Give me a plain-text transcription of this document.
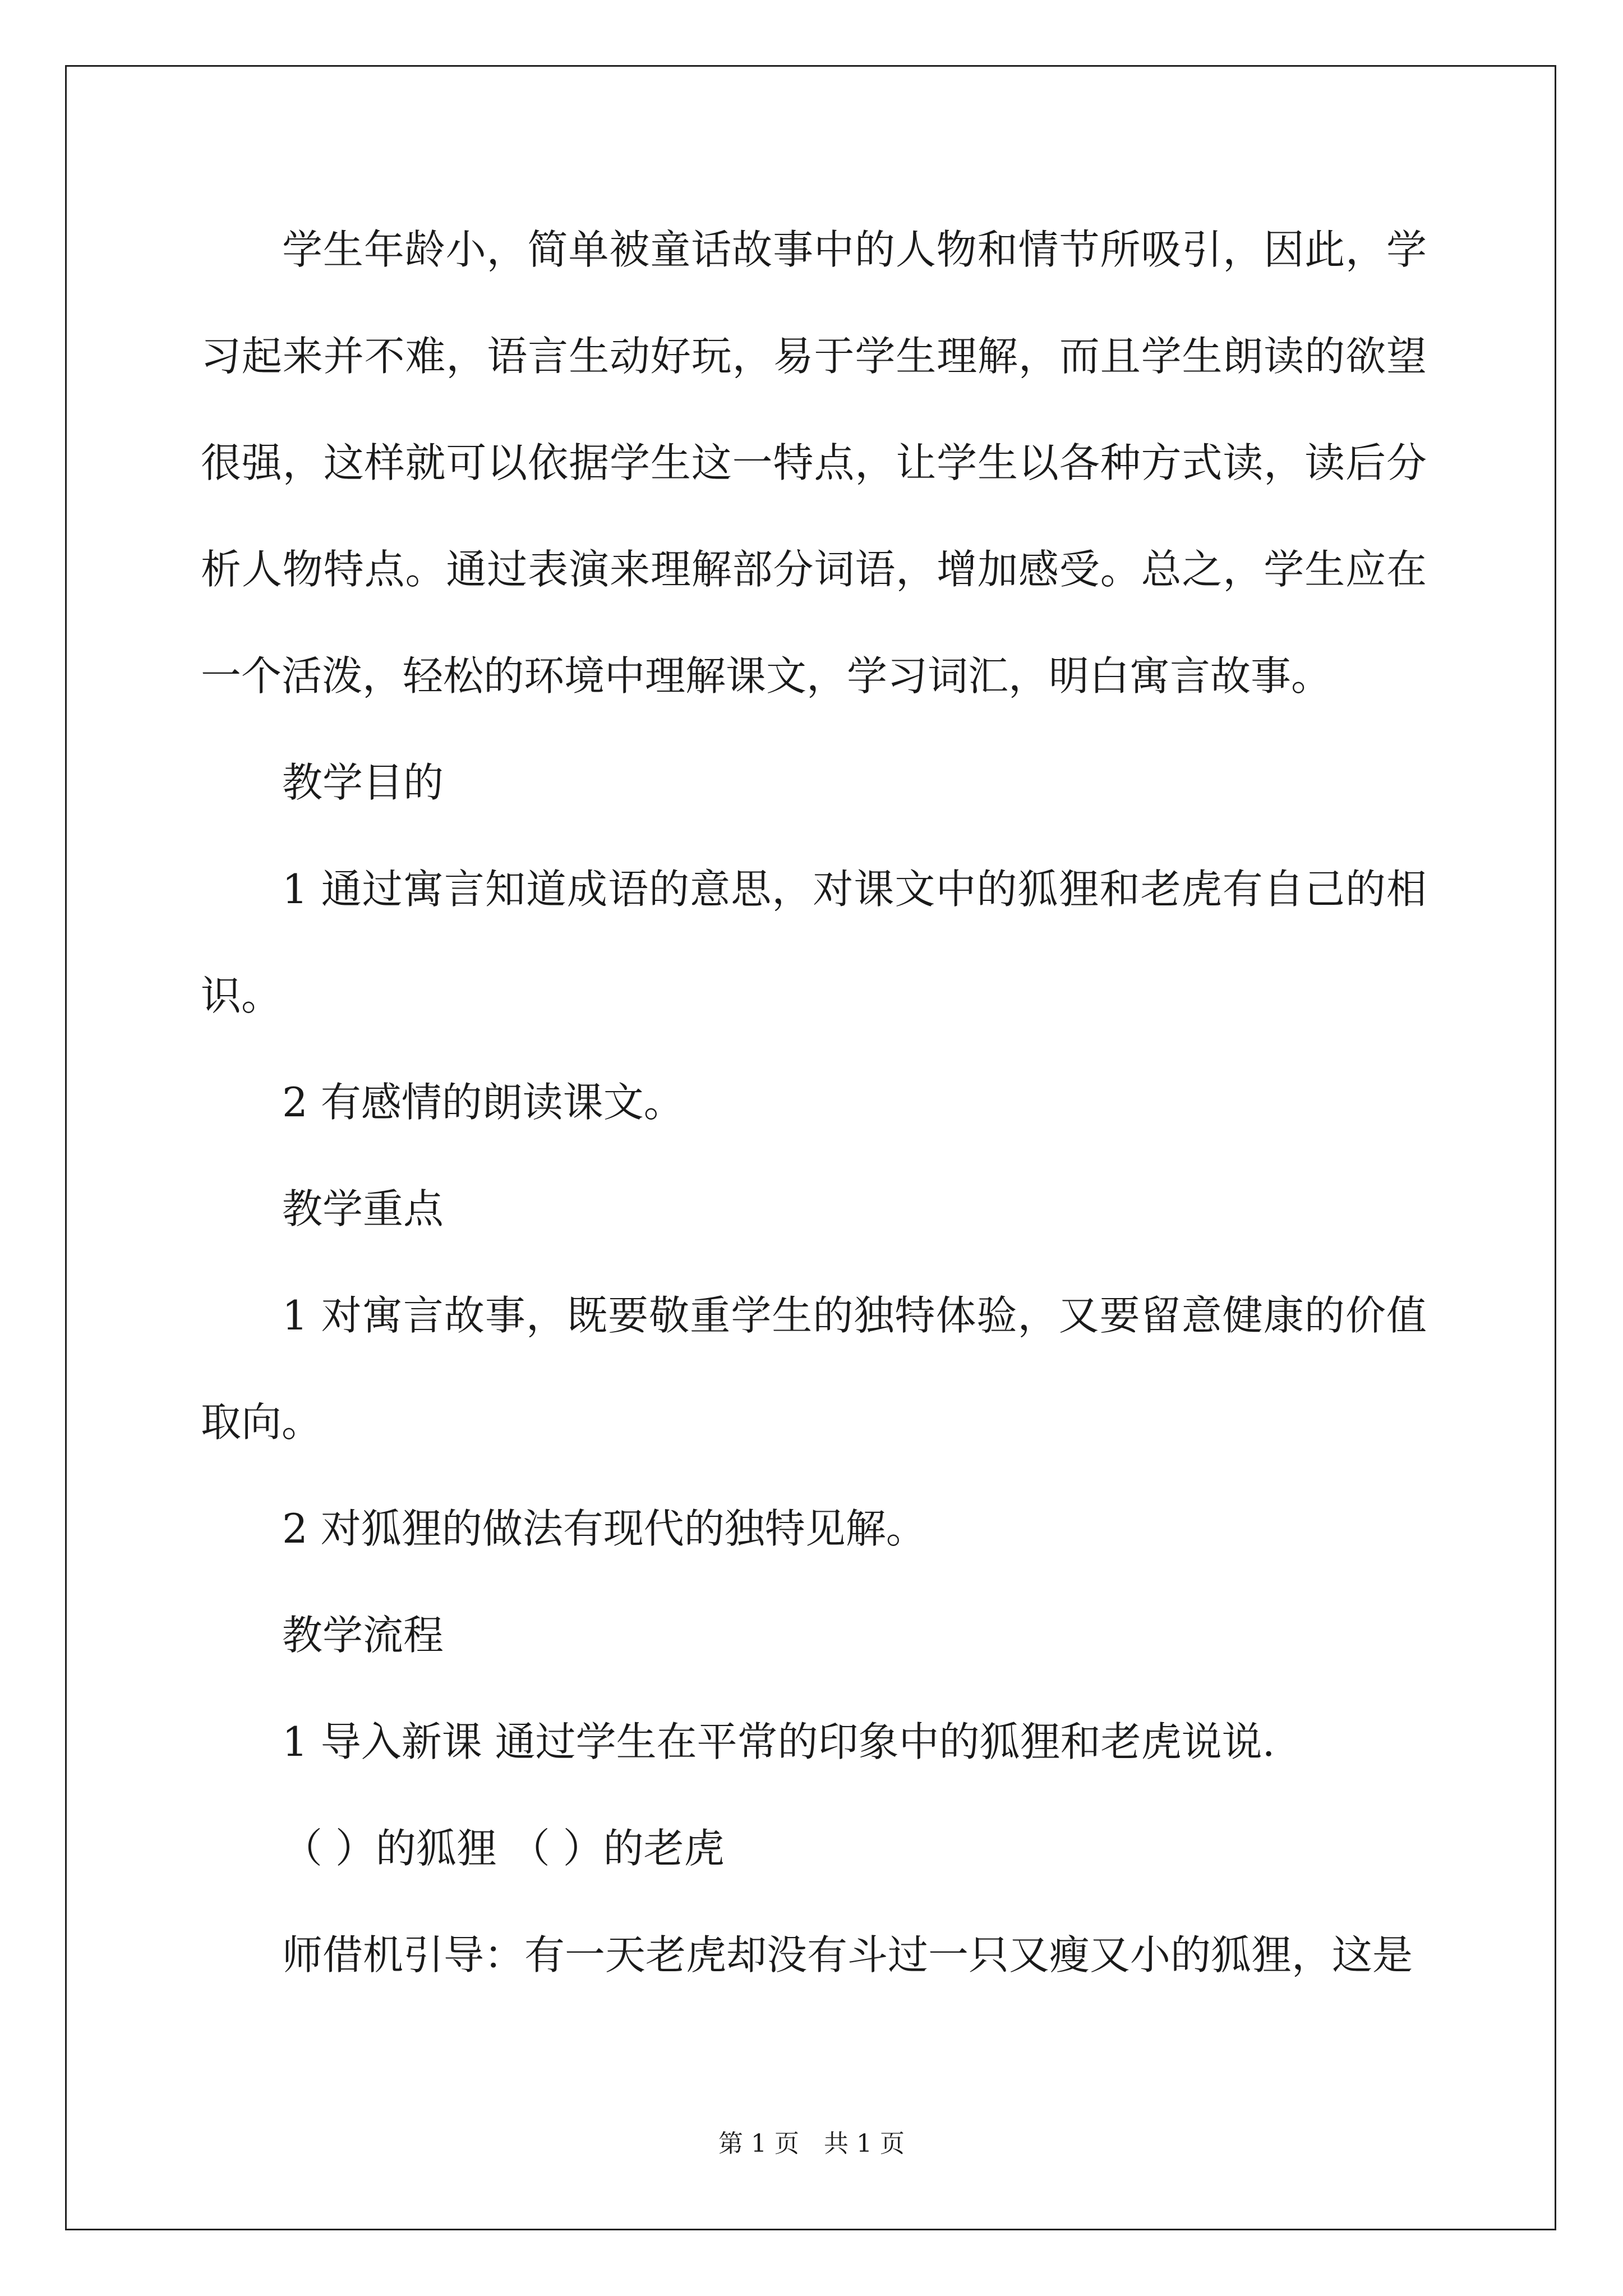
学生年龄小，简单被童话故事中的人物和情节所吸引，因此，学习起来并不难，语言生动好玩，易于学生理解，而且学生朗读的欲望很强，这样就可以依据学生这一特点，让学生以各种方式读，读后分析人物特点。通过表演来理解部分词语，增加感受。总之，学生应在一个活泼，轻松的环境中理解课文，学习词汇，明白寓言故事。

教学目的

1 通过寓言知道成语的意思，对课文中的狐狸和老虎有自己的相识。

2 有感情的朗读课文。

教学重点

1 对寓言故事，既要敬重学生的独特体验，又要留意健康的价值取向。

2 对狐狸的做法有现代的独特见解。

教学流程

1 导入新课 通过学生在平常的印象中的狐狸和老虎说说.

（ ）的狐狸 （ ）的老虎

师借机引导：有一天老虎却没有斗过一只又瘦又小的狐狸，这是

第 1 页　共 1 页
